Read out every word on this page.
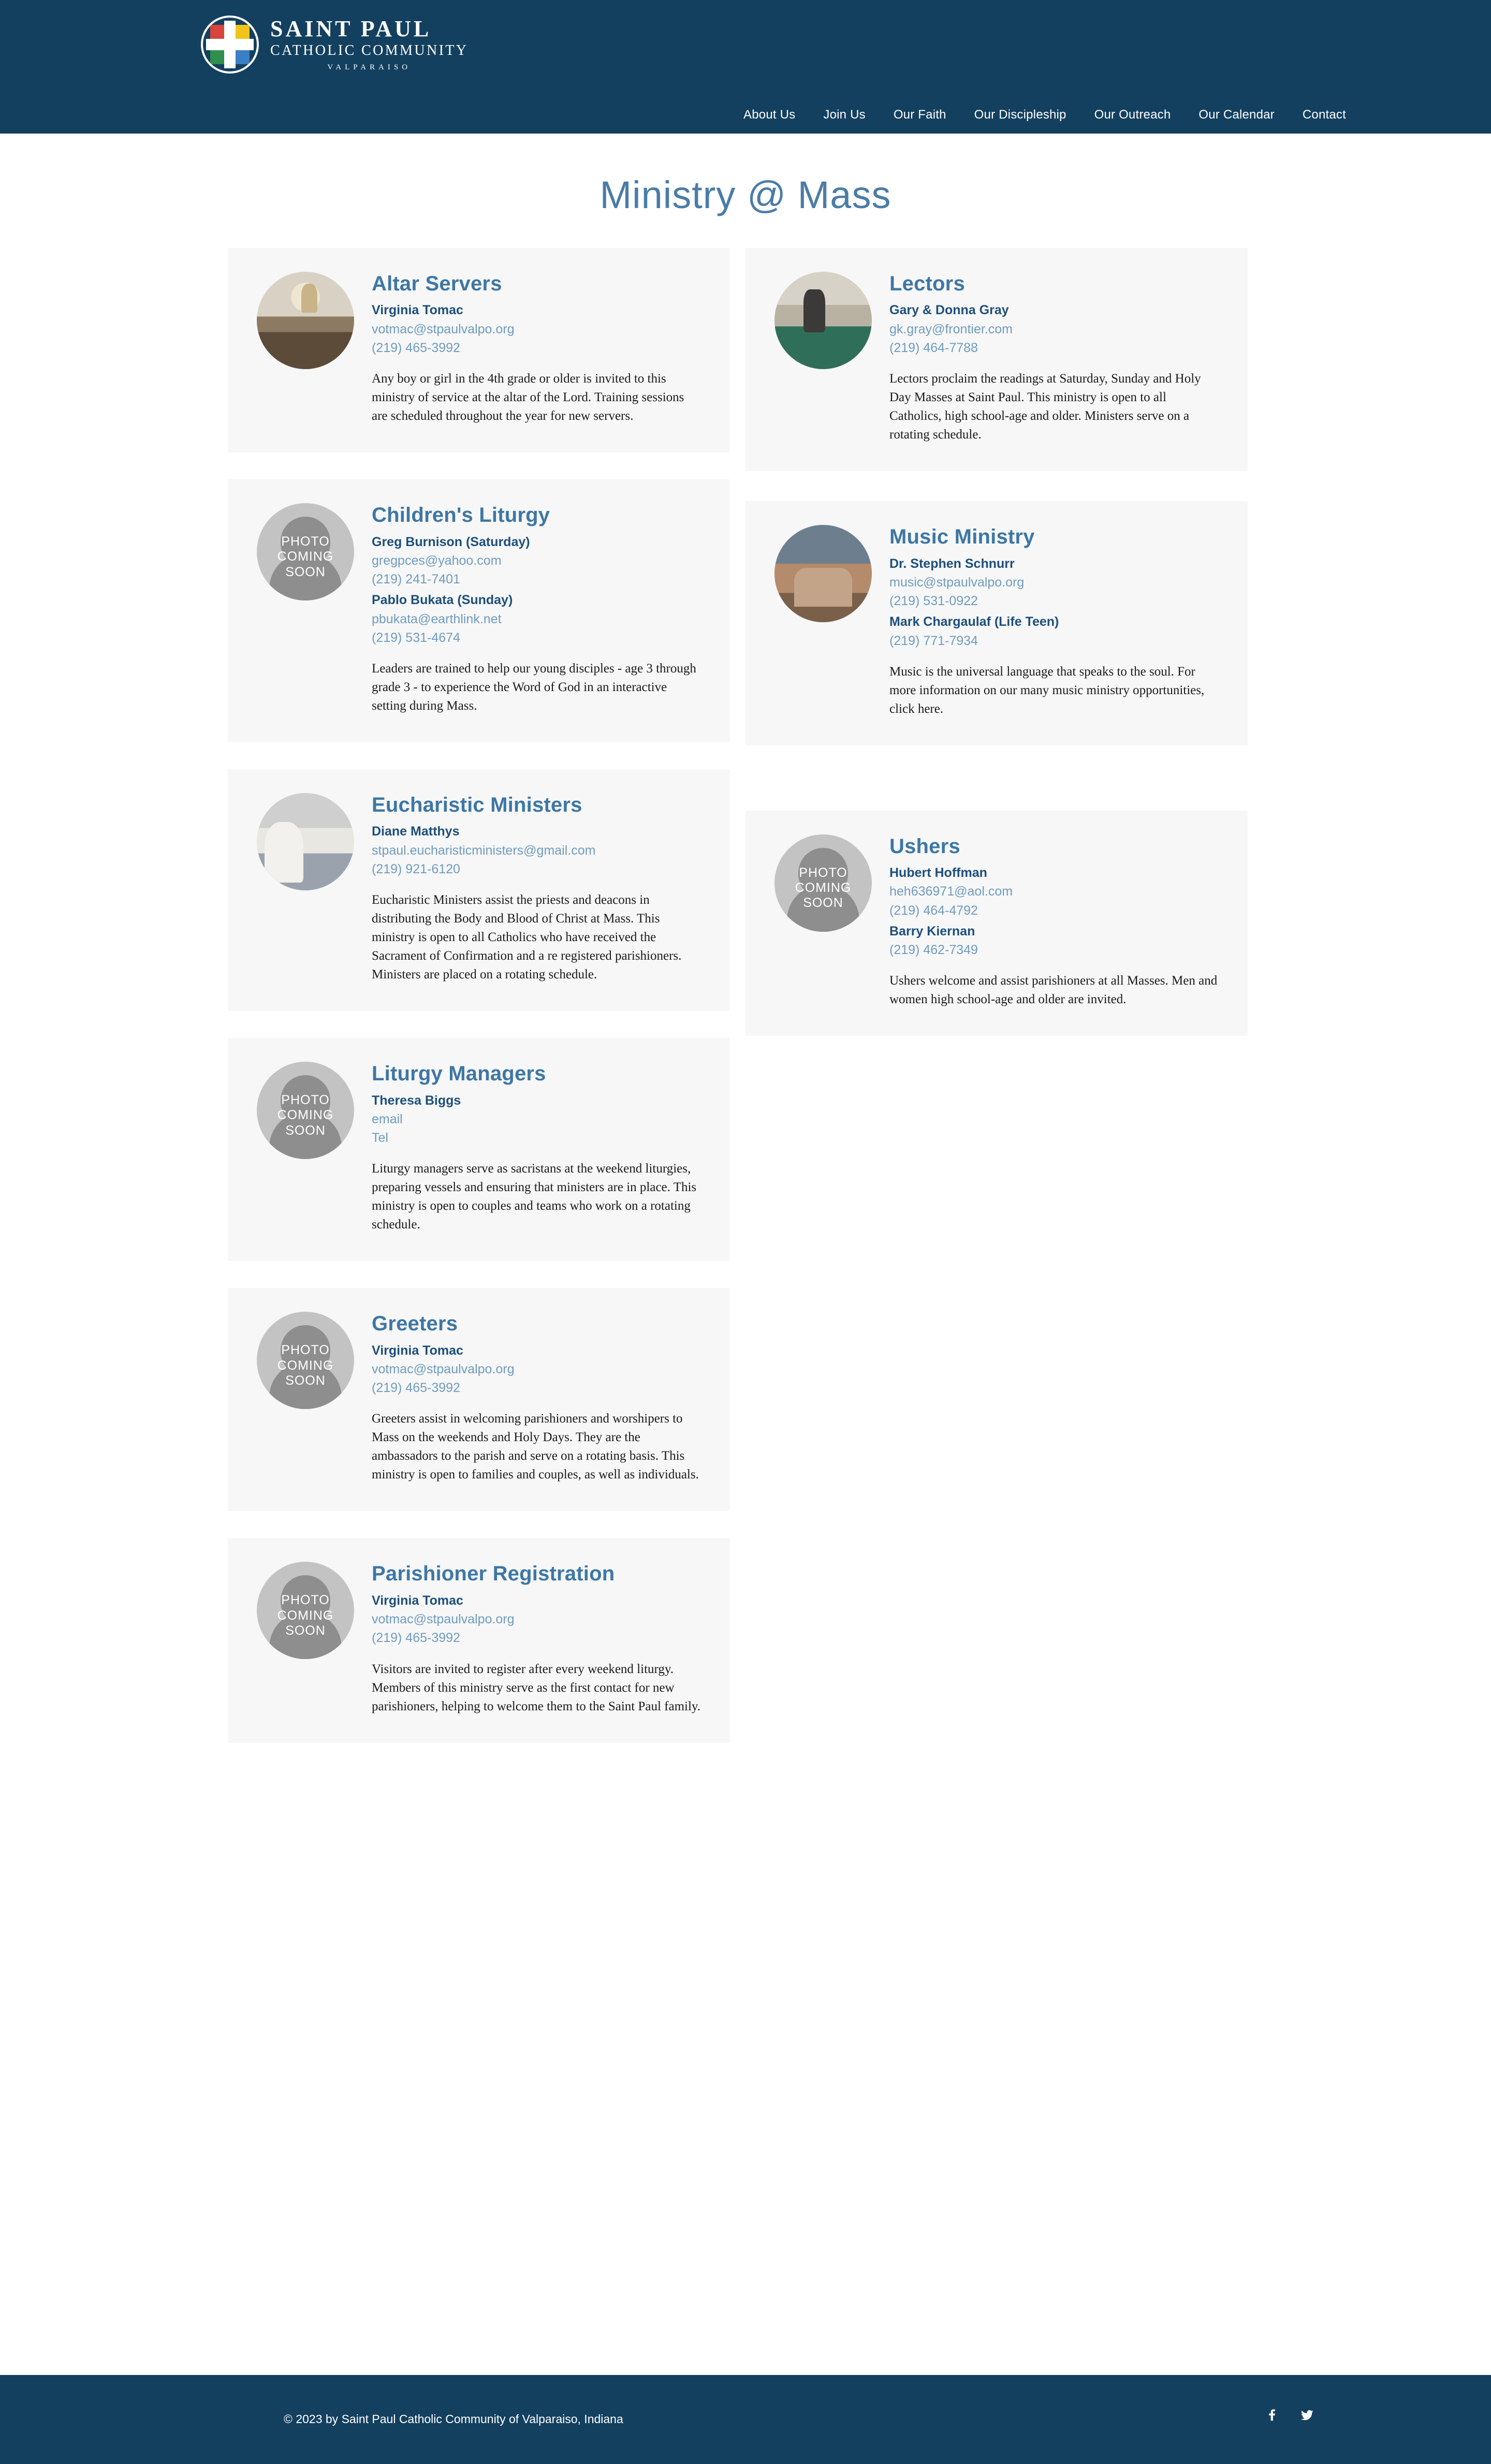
SAINT PAUL
CATHOLIC COMMUNITY
VALPARAISO
About Us Join Us Our Faith Our Discipleship Our Outreach Our Calendar Contact
Ministry @ Mass
Altar Servers
Virginia Tomac
votmac@stpaulvalpo.org
(219) 465-3992
Any boy or girl in the 4th grade or older is invited to this ministry of service at the altar of the Lord. Training sessions are scheduled throughout the year for new servers.
PHOTO
COMING
SOON
Children's Liturgy
Greg Burnison (Saturday)
gregpces@yahoo.com
(219) 241-7401
Pablo Bukata (Sunday)
pbukata@earthlink.net
(219) 531-4674
Leaders are trained to help our young disciples - age 3 through grade 3 - to experience the Word of God in an interactive setting during Mass.
Eucharistic Ministers
Diane Matthys
stpaul.eucharisticministers@gmail.com
(219) 921-6120
Eucharistic Ministers assist the priests and deacons in distributing the Body and Blood of Christ at Mass. This ministry is open to all Catholics who have received the Sacrament of Confirmation and a re registered parishioners. Ministers are placed on a rotating schedule.
PHOTO
COMING
SOON
Liturgy Managers
Theresa Biggs
email
Tel
Liturgy managers serve as sacristans at the weekend liturgies, preparing vessels and ensuring that ministers are in place. This ministry is open to couples and teams who work on a rotating schedule.
PHOTO
COMING
SOON
Greeters
Virginia Tomac
votmac@stpaulvalpo.org
(219) 465-3992
Greeters assist in welcoming parishioners and worshipers to Mass on the weekends and Holy Days. They are the ambassadors to the parish and serve on a rotating basis. This ministry is open to families and couples, as well as individuals.
PHOTO
COMING
SOON
Parishioner Registration
Virginia Tomac
votmac@stpaulvalpo.org
(219) 465-3992
Visitors are invited to register after every weekend liturgy. Members of this ministry serve as the first contact for new parishioners, helping to welcome them to the Saint Paul family.
Lectors
Gary & Donna Gray
gk.gray@frontier.com
(219) 464-7788
Lectors proclaim the readings at Saturday, Sunday and Holy Day Masses at Saint Paul. This ministry is open to all Catholics, high school-age and older. Ministers serve on a rotating schedule.
Music Ministry
Dr. Stephen Schnurr
music@stpaulvalpo.org
(219) 531-0922
Mark Chargaulaf (Life Teen)
(219) 771-7934
Music is the universal language that speaks to the soul. For more information on our many music ministry opportunities, click here.
PHOTO
COMING
SOON
Ushers
Hubert Hoffman
heh636971@aol.com
(219) 464-4792
Barry Kiernan
(219) 462-7349
Ushers welcome and assist parishioners at all Masses. Men and women high school-age and older are invited.
© 2023 by Saint Paul Catholic Community of Valparaiso, Indiana
